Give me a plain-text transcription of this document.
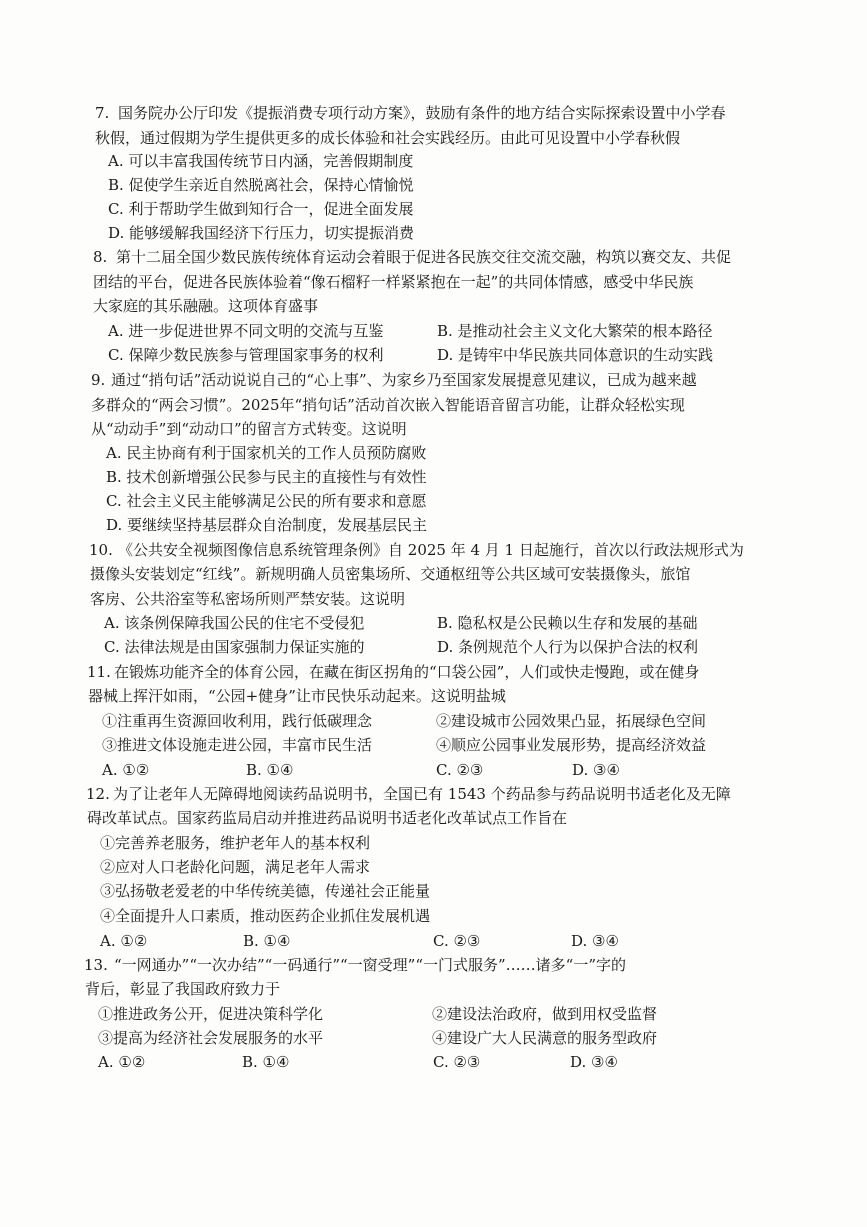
7. 国务院办公厅印发《提振消费专项行动方案》，鼓励有条件的地方结合实际探索设置中小学春
秋假，通过假期为学生提供更多的成长体验和社会实践经历。由此可见设置中小学春秋假
A. 可以丰富我国传统节日内涵，完善假期制度
B. 促使学生亲近自然脱离社会，保持心情愉悦
C. 利于帮助学生做到知行合一，促进全面发展
D. 能够缓解我国经济下行压力，切实提振消费
8. 第十二届全国少数民族传统体育运动会着眼于促进各民族交往交流交融，构筑以赛交友、共促
团结的平台，促进各民族体验着“像石榴籽一样紧紧抱在一起”的共同体情感，感受中华民族
大家庭的其乐融融。这项体育盛事
A. 进一步促进世界不同文明的交流与互鉴	B. 是推动社会主义文化大繁荣的根本路径
C. 保障少数民族参与管理国家事务的权利	D. 是铸牢中华民族共同体意识的生动实践
9. 通过“捎句话”活动说说自己的“心上事”、为家乡乃至国家发展提意见建议，已成为越来越
多群众的“两会习惯”。2025年“捎句话”活动首次嵌入智能语音留言功能，让群众轻松实现
从“动动手”到“动动口”的留言方式转变。这说明
A. 民主协商有利于国家机关的工作人员预防腐败
B. 技术创新增强公民参与民主的直接性与有效性
C. 社会主义民主能够满足公民的所有要求和意愿
D. 要继续坚持基层群众自治制度，发展基层民主
10. 《公共安全视频图像信息系统管理条例》自 2025 年 4 月 1 日起施行，首次以行政法规形式为
摄像头安装划定“红线”。新规明确人员密集场所、交通枢纽等公共区域可安装摄像头，旅馆
客房、公共浴室等私密场所则严禁安装。这说明
A. 该条例保障我国公民的住宅不受侵犯	B. 隐私权是公民赖以生存和发展的基础
C. 法律法规是由国家强制力保证实施的	D. 条例规范个人行为以保护合法的权利
11. 在锻炼功能齐全的体育公园，在藏在街区拐角的“口袋公园”，人们或快走慢跑，或在健身
器械上挥汗如雨，“公园+健身”让市民快乐动起来。这说明盐城
①注重再生资源回收利用，践行低碳理念	②建设城市公园效果凸显，拓展绿色空间
③推进文体设施走进公园，丰富市民生活	④顺应公园事业发展形势，提高经济效益
A. ①②	B. ①④	C. ②③	D. ③④
12. 为了让老年人无障碍地阅读药品说明书，全国已有 1543 个药品参与药品说明书适老化及无障
碍改革试点。国家药监局启动并推进药品说明书适老化改革试点工作旨在
①完善养老服务，维护老年人的基本权利
②应对人口老龄化问题，满足老年人需求
③弘扬敬老爱老的中华传统美德，传递社会正能量
④全面提升人口素质，推动医药企业抓住发展机遇
A. ①②	B. ①④	C. ②③	D. ③④
13. “一网通办”“一次办结”“一码通行”“一窗受理”“一门式服务”……诸多“一”字的
背后，彰显了我国政府致力于
①推进政务公开，促进决策科学化	②建设法治政府，做到用权受监督
③提高为经济社会发展服务的水平	④建设广大人民满意的服务型政府
A. ①②	B. ①④	C. ②③	D. ③④
